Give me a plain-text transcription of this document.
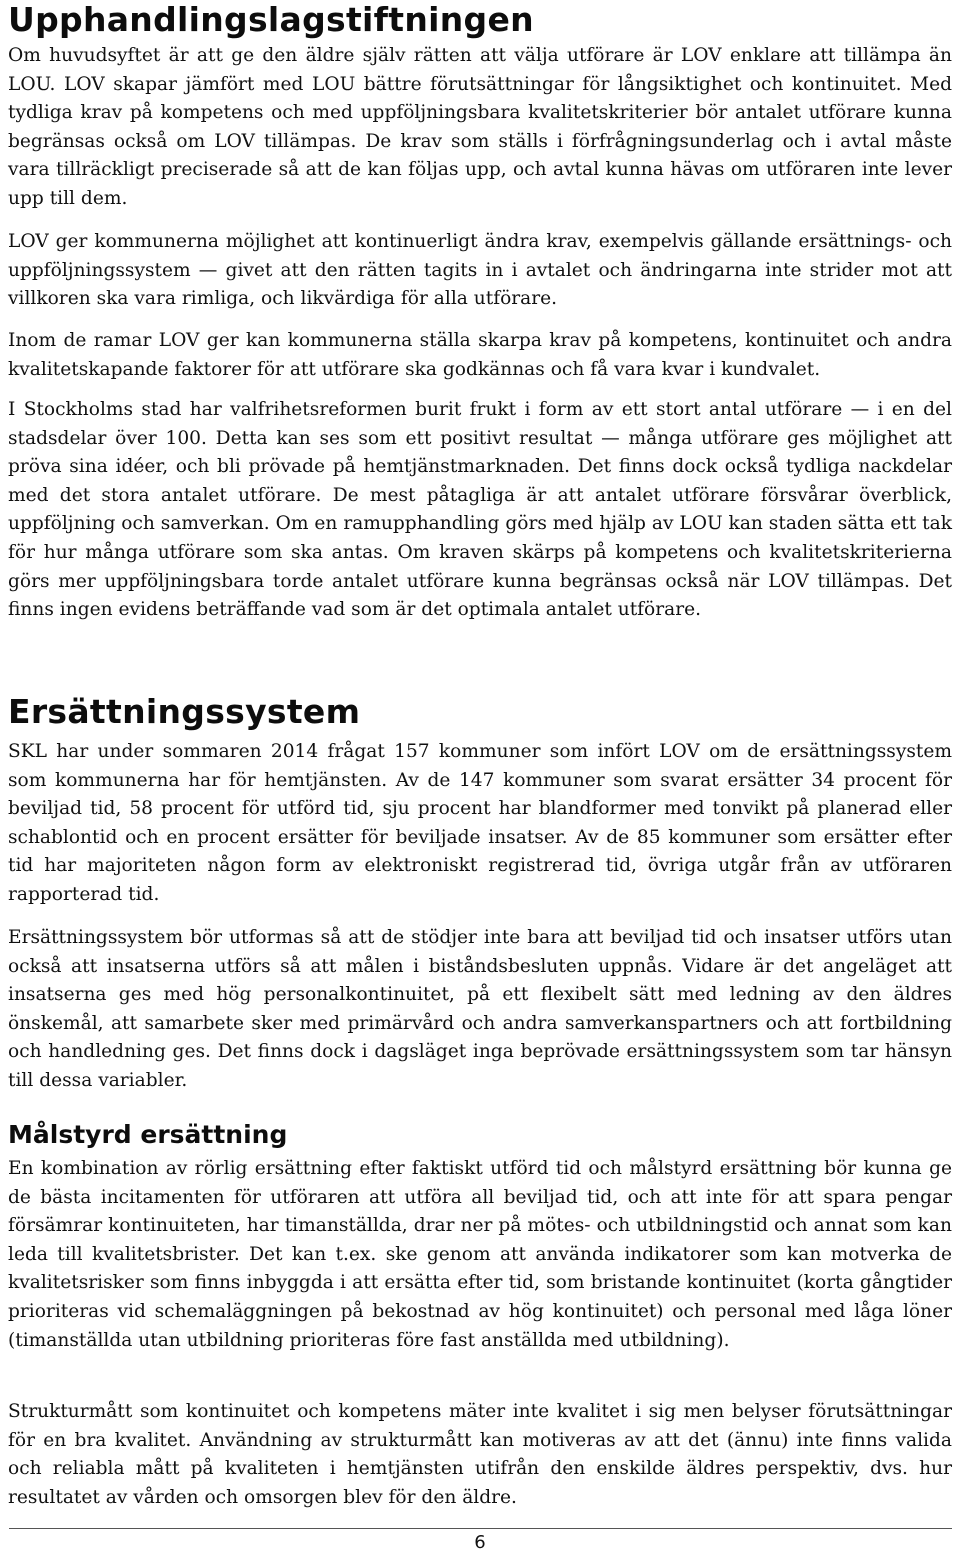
Upphandlingslagstiftningen

Om huvudsyftet är att ge den äldre själv rätten att välja utförare är LOV enklare att tillämpa än LOU. LOV skapar jämfört med LOU bättre förutsättningar för långsiktighet och kontinuitet. Med tydliga krav på kompetens och med uppföljningsbara kvalitetskriterier bör antalet utförare kunna begränsas också om LOV tillämpas. De krav som ställs i förfrågningsunderlag och i avtal måste vara tillräckligt preciserade så att de kan följas upp, och avtal kunna hävas om utföraren inte lever upp till dem.

LOV ger kommunerna möjlighet att kontinuerligt ändra krav, exempelvis gällande ersättnings- och uppföljningssystem — givet att den rätten tagits in i avtalet och ändringarna inte strider mot att villkoren ska vara rimliga, och likvärdiga för alla utförare.

Inom de ramar LOV ger kan kommunerna ställa skarpa krav på kompetens, kontinuitet och andra kvalitetskapande faktorer för att utförare ska godkännas och få vara kvar i kundvalet.

I Stockholms stad har valfrihetsreformen burit frukt i form av ett stort antal utförare — i en del stadsdelar över 100. Detta kan ses som ett positivt resultat — många utförare ges möjlighet att pröva sina idéer, och bli prövade på hemtjänstmarknaden. Det finns dock också tydliga nackdelar med det stora antalet utförare. De mest påtagliga är att antalet utförare försvårar överblick, uppföljning och samverkan. Om en ramupphandling görs med hjälp av LOU kan staden sätta ett tak för hur många utförare som ska antas. Om kraven skärps på kompetens och kvalitetskriterierna görs mer uppföljningsbara torde antalet utförare kunna begränsas också när LOV tillämpas. Det finns ingen evidens beträffande vad som är det optimala antalet utförare.

Ersättningssystem

SKL har under sommaren 2014 frågat 157 kommuner som infört LOV om de ersättningssystem som kommunerna har för hemtjänsten. Av de 147 kommuner som svarat ersätter 34 procent för beviljad tid, 58 procent för utförd tid, sju procent har blandformer med tonvikt på planerad eller schablontid och en procent ersätter för beviljade insatser. Av de 85 kommuner som ersätter efter tid har majoriteten någon form av elektroniskt registrerad tid, övriga utgår från av utföraren rapporterad tid.

Ersättningssystem bör utformas så att de stödjer inte bara att beviljad tid och insatser utförs utan också att insatserna utförs så att målen i biståndsbesluten uppnås. Vidare är det angeläget att insatserna ges med hög personalkontinuitet, på ett flexibelt sätt med ledning av den äldres önskemål, att samarbete sker med primärvård och andra samverkanspartners och att fortbildning och handledning ges. Det finns dock i dagsläget inga beprövade ersättningssystem som tar hänsyn till dessa variabler.

Målstyrd ersättning

En kombination av rörlig ersättning efter faktiskt utförd tid och målstyrd ersättning bör kunna ge de bästa incitamenten för utföraren att utföra all beviljad tid, och att inte för att spara pengar försämrar kontinuiteten, har timanställda, drar ner på mötes- och utbildningstid och annat som kan leda till kvalitetsbrister. Det kan t.ex. ske genom att använda indikatorer som kan motverka de kvalitetsrisker som finns inbyggda i att ersätta efter tid, som bristande kontinuitet (korta gångtider prioriteras vid schemaläggningen på bekostnad av hög kontinuitet) och personal med låga löner (timanställda utan utbildning prioriteras före fast anställda med utbildning).

Strukturmått som kontinuitet och kompetens mäter inte kvalitet i sig men belyser förutsättningar för en bra kvalitet. Användning av strukturmått kan motiveras av att det (ännu) inte finns valida och reliabla mått på kvaliteten i hemtjänsten utifrån den enskilde äldres perspektiv, dvs. hur resultatet av vården och omsorgen blev för den äldre.

6
